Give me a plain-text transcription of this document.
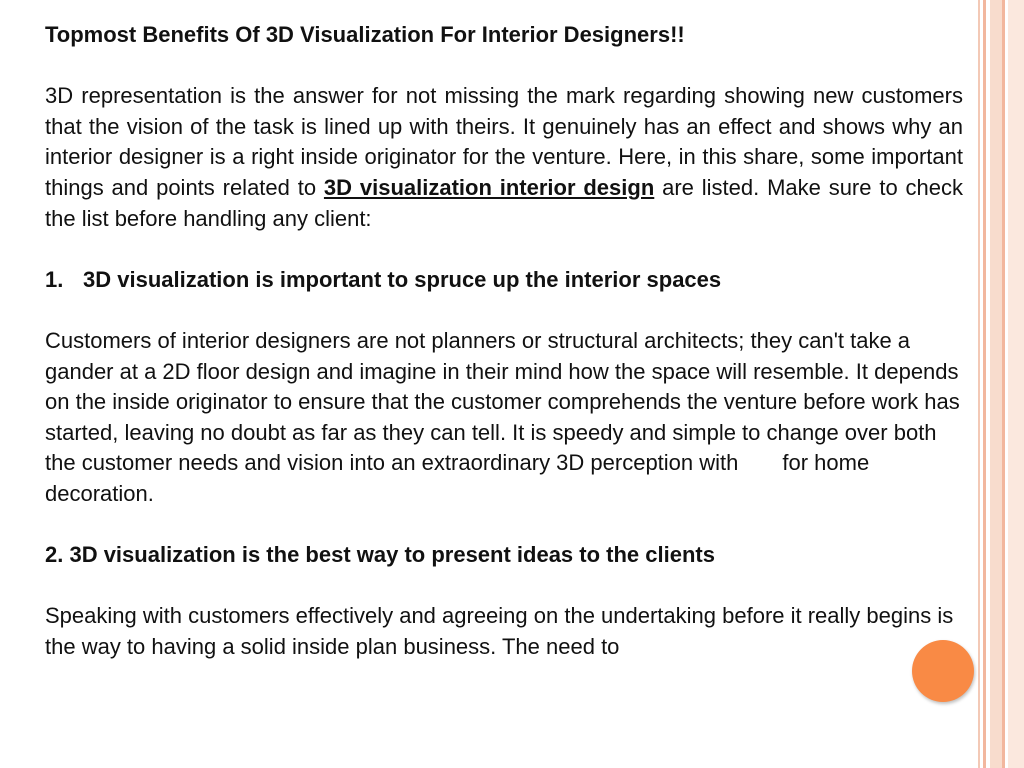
Topmost Benefits Of 3D Visualization For Interior Designers!!

3D representation is the answer for not missing the mark regarding showing new customers that the vision of the task is lined up with theirs. It genuinely has an effect and shows why an interior designer is a right inside originator for the venture. Here, in this share, some important things and points related to 3D visualization interior design are listed. Make sure to check the list before handling any client:

1. 3D visualization is important to spruce up the interior spaces

Customers of interior designers are not planners or structural architects; they can't take a gander at a 2D floor design and imagine in their mind how the space will resemble. It depends on the inside originator to ensure that the customer comprehends the venture before work has started, leaving no doubt as far as they can tell. It is speedy and simple to change over both the customer needs and vision into an extraordinary 3D perception with for home decoration.

2. 3D visualization is the best way to present ideas to the clients

Speaking with customers effectively and agreeing on the undertaking before it really begins is the way to having a solid inside plan business. The need to
